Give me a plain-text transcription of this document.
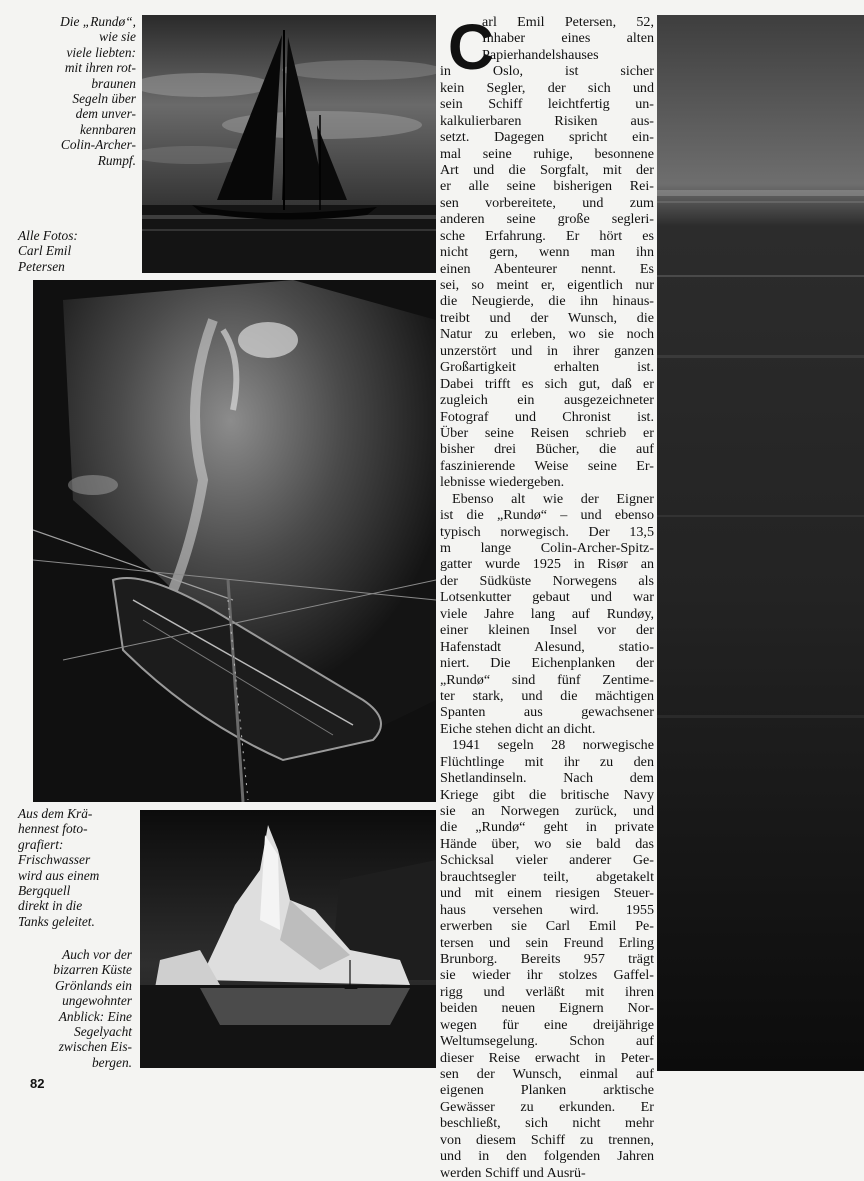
Die „Rundø“,
wie sie
viele liebten:
mit ihren rot-
braunen
Segeln über
dem unver-
kennbaren
Colin-Archer-
Rumpf.
Alle Fotos:
Carl Emil
Petersen
Aus dem Krä-
hennest foto-
grafiert:
Frischwasser
wird aus einem
Bergquell
direkt in die
Tanks geleitet.
Auch vor der
bizarren Küste
Grönlands ein
ungewohnter
Anblick: Eine
Segelyacht
zwischen Eis-
bergen.
C
arl Emil Petersen, 52,
Inhaber eines alten
Papierhandelshauses
in Oslo, ist sicher
kein Segler, der sich und
sein Schiff leichtfertig un-
kalkulierbaren Risiken aus-
setzt. Dagegen spricht ein-
mal seine ruhige, besonnene
Art und die Sorgfalt, mit der
er alle seine bisherigen Rei-
sen vorbereitete, und zum
anderen seine große segleri-
sche Erfahrung. Er hört es
nicht gern, wenn man ihn
einen Abenteurer nennt. Es
sei, so meint er, eigentlich nur
die Neugierde, die ihn hinaus-
treibt und der Wunsch, die
Natur zu erleben, wo sie noch
unzerstört und in ihrer ganzen
Großartigkeit erhalten ist.
Dabei trifft es sich gut, daß er
zugleich ein ausgezeichneter
Fotograf und Chronist ist.
Über seine Reisen schrieb er
bisher drei Bücher, die auf
faszinierende Weise seine Er-
lebnisse wiedergeben.
Ebenso alt wie der Eigner
ist die „Rundø“ – und ebenso
typisch norwegisch. Der 13,5
m lange Colin-Archer-Spitz-
gatter wurde 1925 in Risør an
der Südküste Norwegens als
Lotsenkutter gebaut und war
viele Jahre lang auf Rundøy,
einer kleinen Insel vor der
Hafenstadt Alesund, statio-
niert. Die Eichenplanken der
„Rundø“ sind fünf Zentime-
ter stark, und die mächtigen
Spanten aus gewachsener
Eiche stehen dicht an dicht.
1941 segeln 28 norwegische
Flüchtlinge mit ihr zu den
Shetlandinseln. Nach dem
Kriege gibt die britische Navy
sie an Norwegen zurück, und
die „Rundø“ geht in private
Hände über, wo sie bald das
Schicksal vieler anderer Ge-
brauchtsegler teilt, abgetakelt
und mit einem riesigen Steuer-
haus versehen wird. 1955
erwerben sie Carl Emil Pe-
tersen und sein Freund Erling
Brunborg. Bereits 957 trägt
sie wieder ihr stolzes Gaffel-
rigg und verläßt mit ihren
beiden neuen Eignern Nor-
wegen für eine dreijährige
Weltumsegelung. Schon auf
dieser Reise erwacht in Peter-
sen der Wunsch, einmal auf
eigenen Planken arktische
Gewässer zu erkunden. Er
beschließt, sich nicht mehr
von diesem Schiff zu trennen,
und in den folgenden Jahren
werden Schiff und Ausrü-
82
